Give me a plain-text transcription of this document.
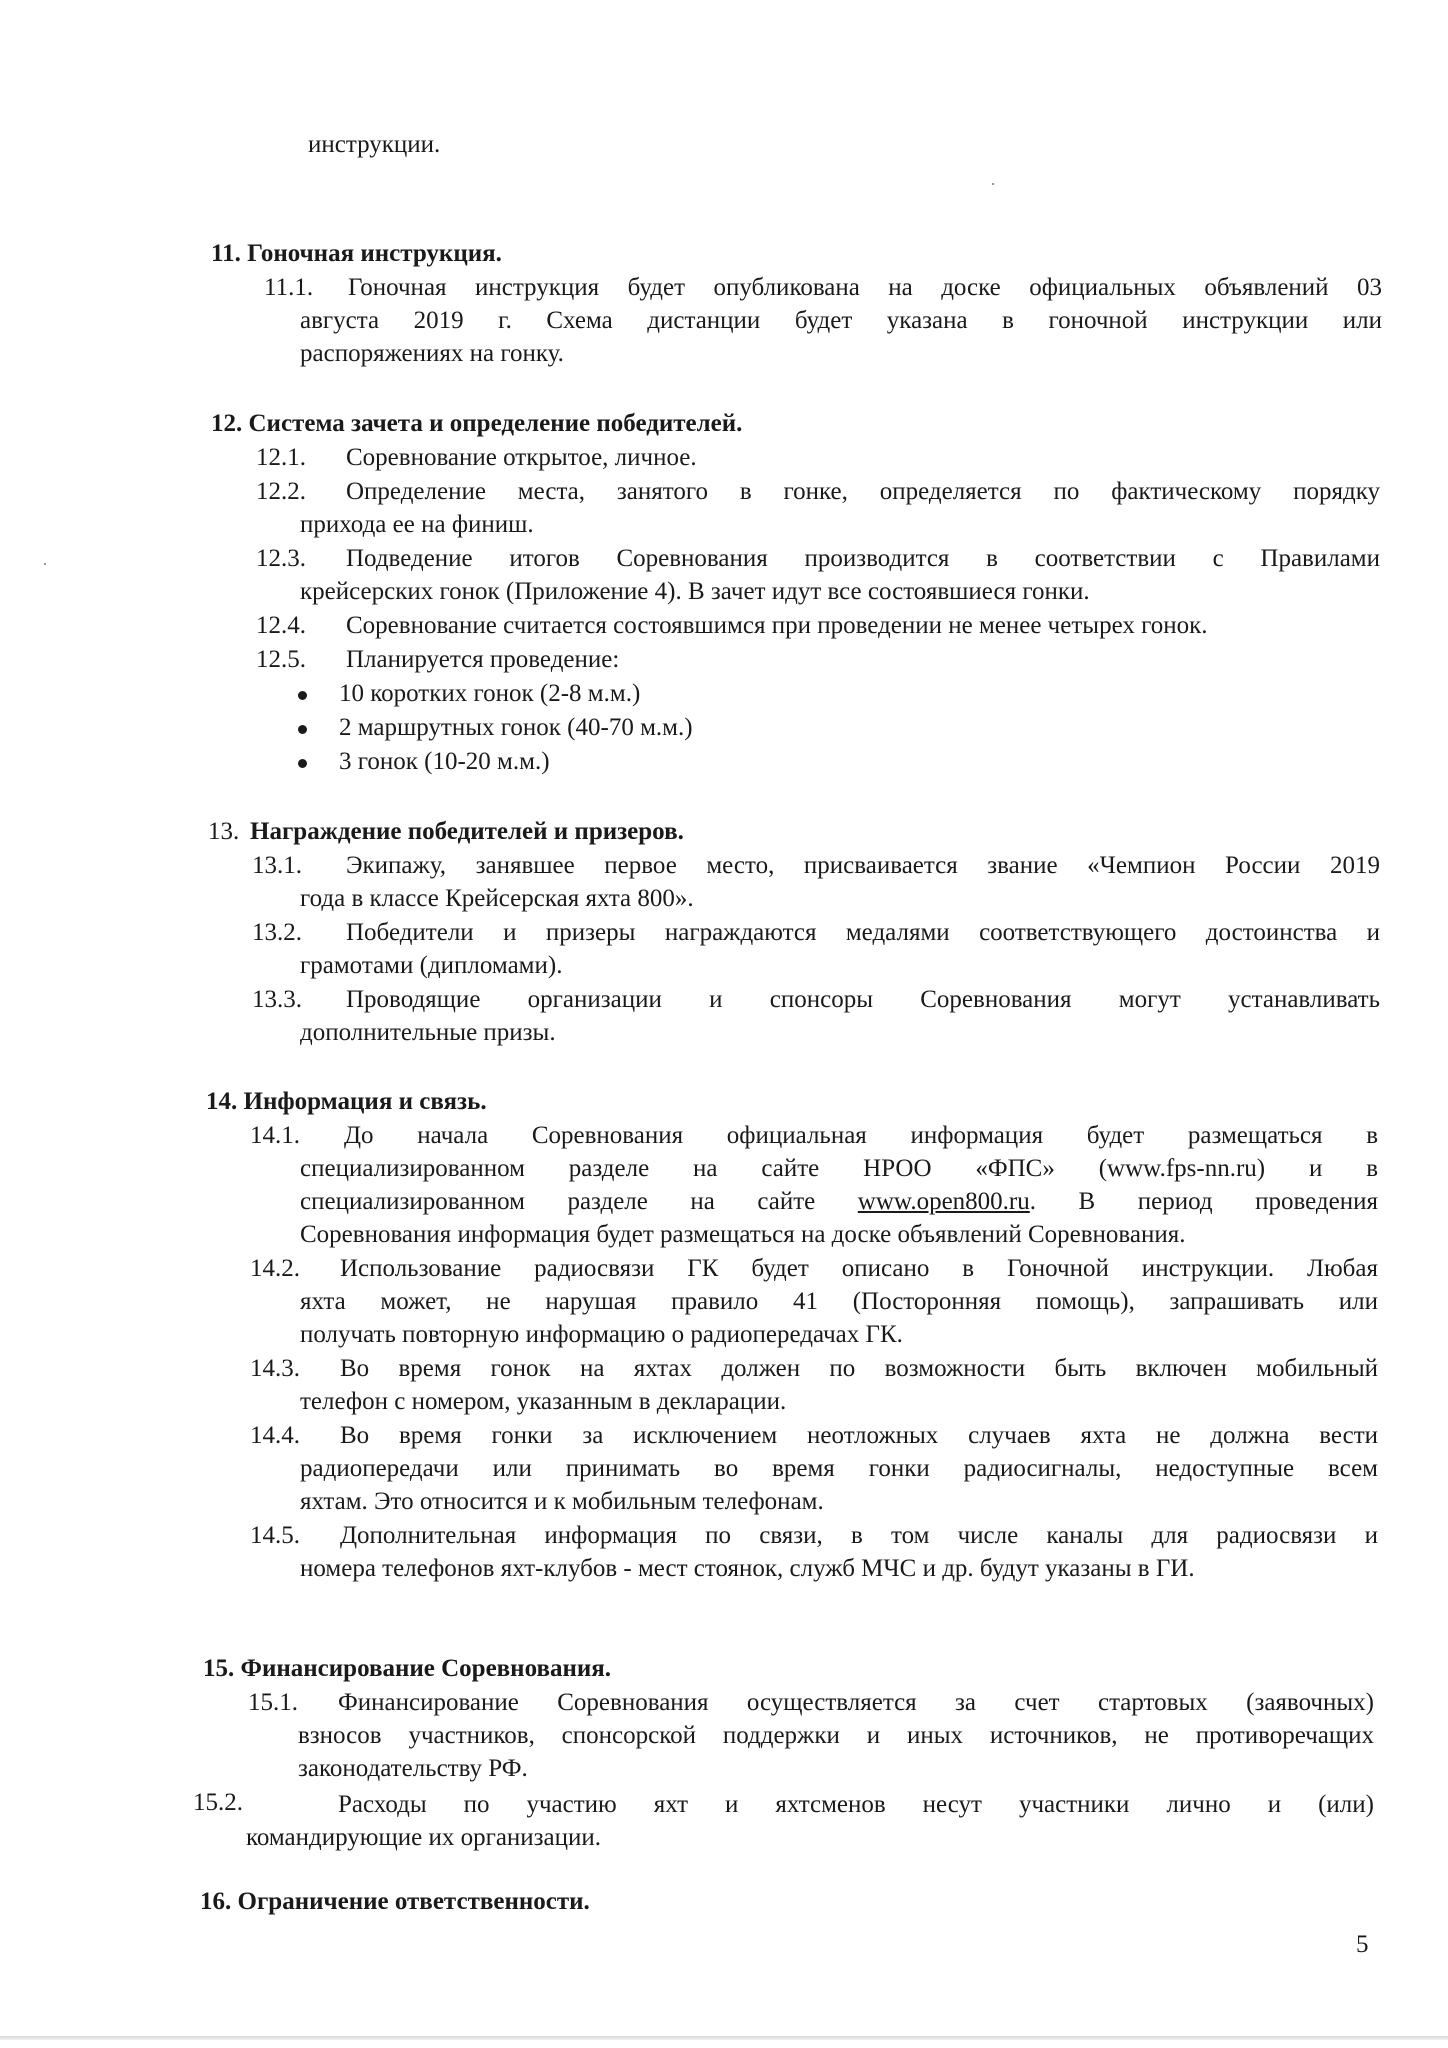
инструкции.
11. Гоночная инструкция.
11.1. Гоночная инструкция будет опубликована на доске официальных объявлений 03
августа 2019 г. Схема дистанции будет указана в гоночной инструкции или
распоряжениях на гонку.
12. Система зачета и определение победителей.
12.1. Соревнование открытое, личное.
12.2. Определение места, занятого в гонке, определяется по фактическому порядку
прихода ее на финиш.
12.3. Подведение итогов Соревнования производится в соответствии с Правилами
крейсерских гонок (Приложение 4). В зачет идут все состоявшиеся гонки.
12.4. Соревнование считается состоявшимся при проведении не менее четырех гонок.
12.5. Планируется проведение:
10 коротких гонок (2-8 м.м.)
2 маршрутных гонок (40-70 м.м.)
3 гонок (10-20 м.м.)
13. Награждение победителей и призеров.
13.1. Экипажу, занявшее первое место, присваивается звание «Чемпион России 2019
года в классе Крейсерская яхта 800».
13.2. Победители и призеры награждаются медалями соответствующего достоинства и
грамотами (дипломами).
13.3. Проводящие организации и спонсоры Соревнования могут устанавливать
дополнительные призы.
14. Информация и связь.
14.1. До начала Соревнования официальная информация будет размещаться в
специализированном разделе на сайте НРОО «ФПС» (www.fps-nn.ru) и в
специализированном разделе на сайте www.open800.ru. В период проведения
Соревнования информация будет размещаться на доске объявлений Соревнования.
14.2. Использование радиосвязи ГК будет описано в Гоночной инструкции. Любая
яхта может, не нарушая правило 41 (Посторонняя помощь), запрашивать или
получать повторную информацию о радиопередачах ГК.
14.3. Во время гонок на яхтах должен по возможности быть включен мобильный
телефон с номером, указанным в декларации.
14.4. Во время гонки за исключением неотложных случаев яхта не должна вести
радиопередачи или принимать во время гонки радиосигналы, недоступные всем
яхтам. Это относится и к мобильным телефонам.
14.5. Дополнительная информация по связи, в том числе каналы для радиосвязи и
номера телефонов яхт-клубов - мест стоянок, служб МЧС и др. будут указаны в ГИ.
15. Финансирование Соревнования.
15.1. Финансирование Соревнования осуществляется за счет стартовых (заявочных)
взносов участников, спонсорской поддержки и иных источников, не противоречащих
законодательству РФ.
15.2.	Расходы по участию яхт и яхтсменов несут участники лично и (или)
командирующие их организации.
16. Ограничение ответственности.
5
